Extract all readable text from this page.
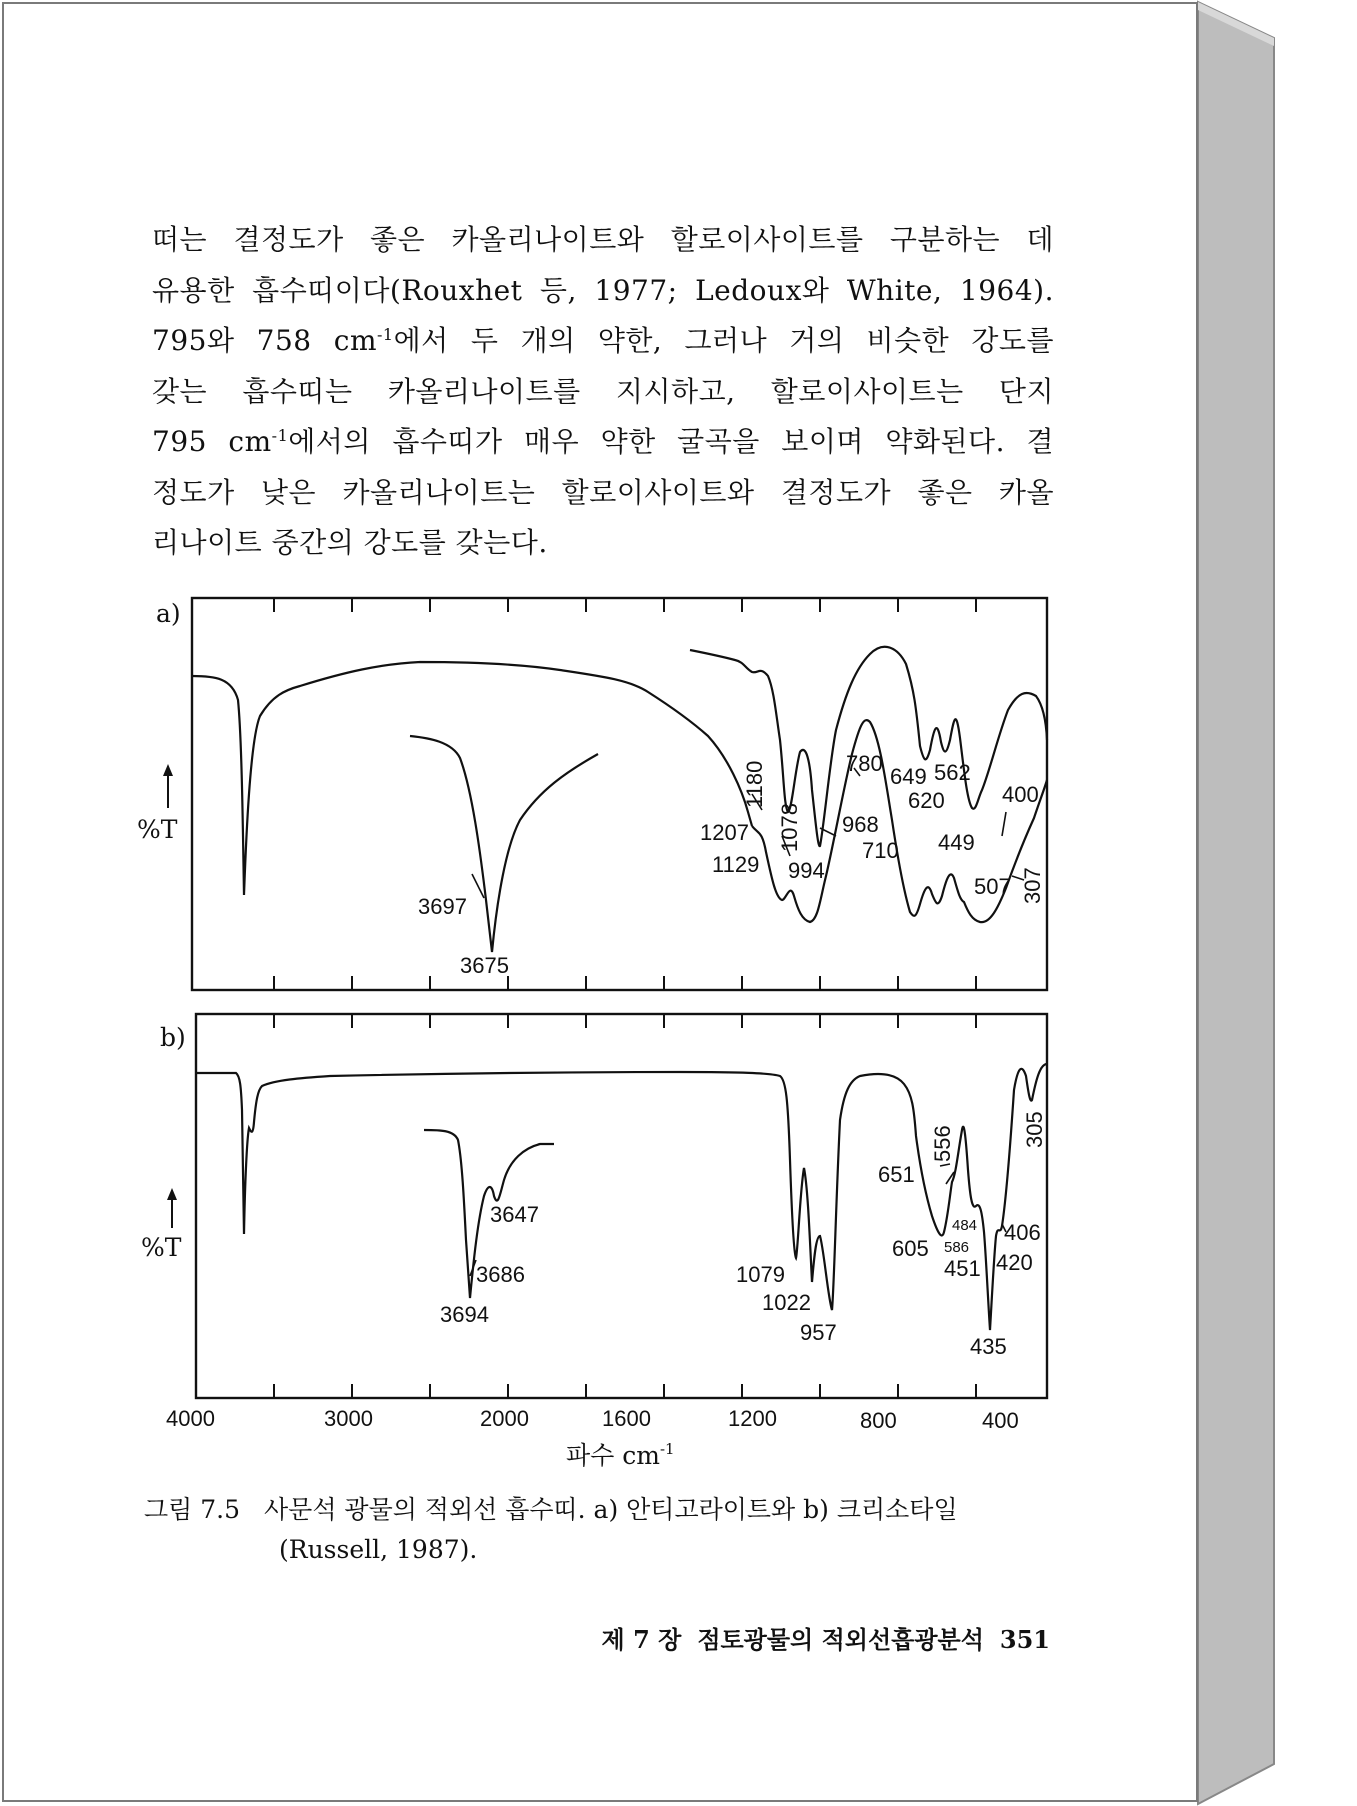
떠는 결정도가 좋은 카올리나이트와 할로이사이트를 구분하는 데
유용한 흡수띠이다(Rouxhet 등, 1977; Ledoux와 White, 1964).
795와 758 $cm^{-1}$에서 두 개의 약한, 그러나 거의 비슷한 강도를
갖는 흡수띠는 카올리나이트를 지시하고, 할로이사이트는 단지
795 $cm^{-1}$에서의 흡수띠가 매우 약한 굴곡을 보이며 약화된다. 결
정도가 낮은 카올리나이트는 할로이사이트와 결정도가 좋은 카올
리나이트 중간의 강도를 갖는다.
a)
%T
3697
3675
1180
1207
1129
1078
994
968
780
710
649
620
562
449
507
400
307
b)
%T
3647
3686
3694
1079
1022
957
651
556
605
484
586
451
406
420
435
305
4000	3000	2000	1600	1200	800	400
파수 $cm^{-1}$
그림 7.5 사문석 광물의 적외선 흡수띠. a) 안티고라이트와 b) 크리소타일
(Russell, 1987).
제 7 장 점토광물의 적외선흡광분석 351
